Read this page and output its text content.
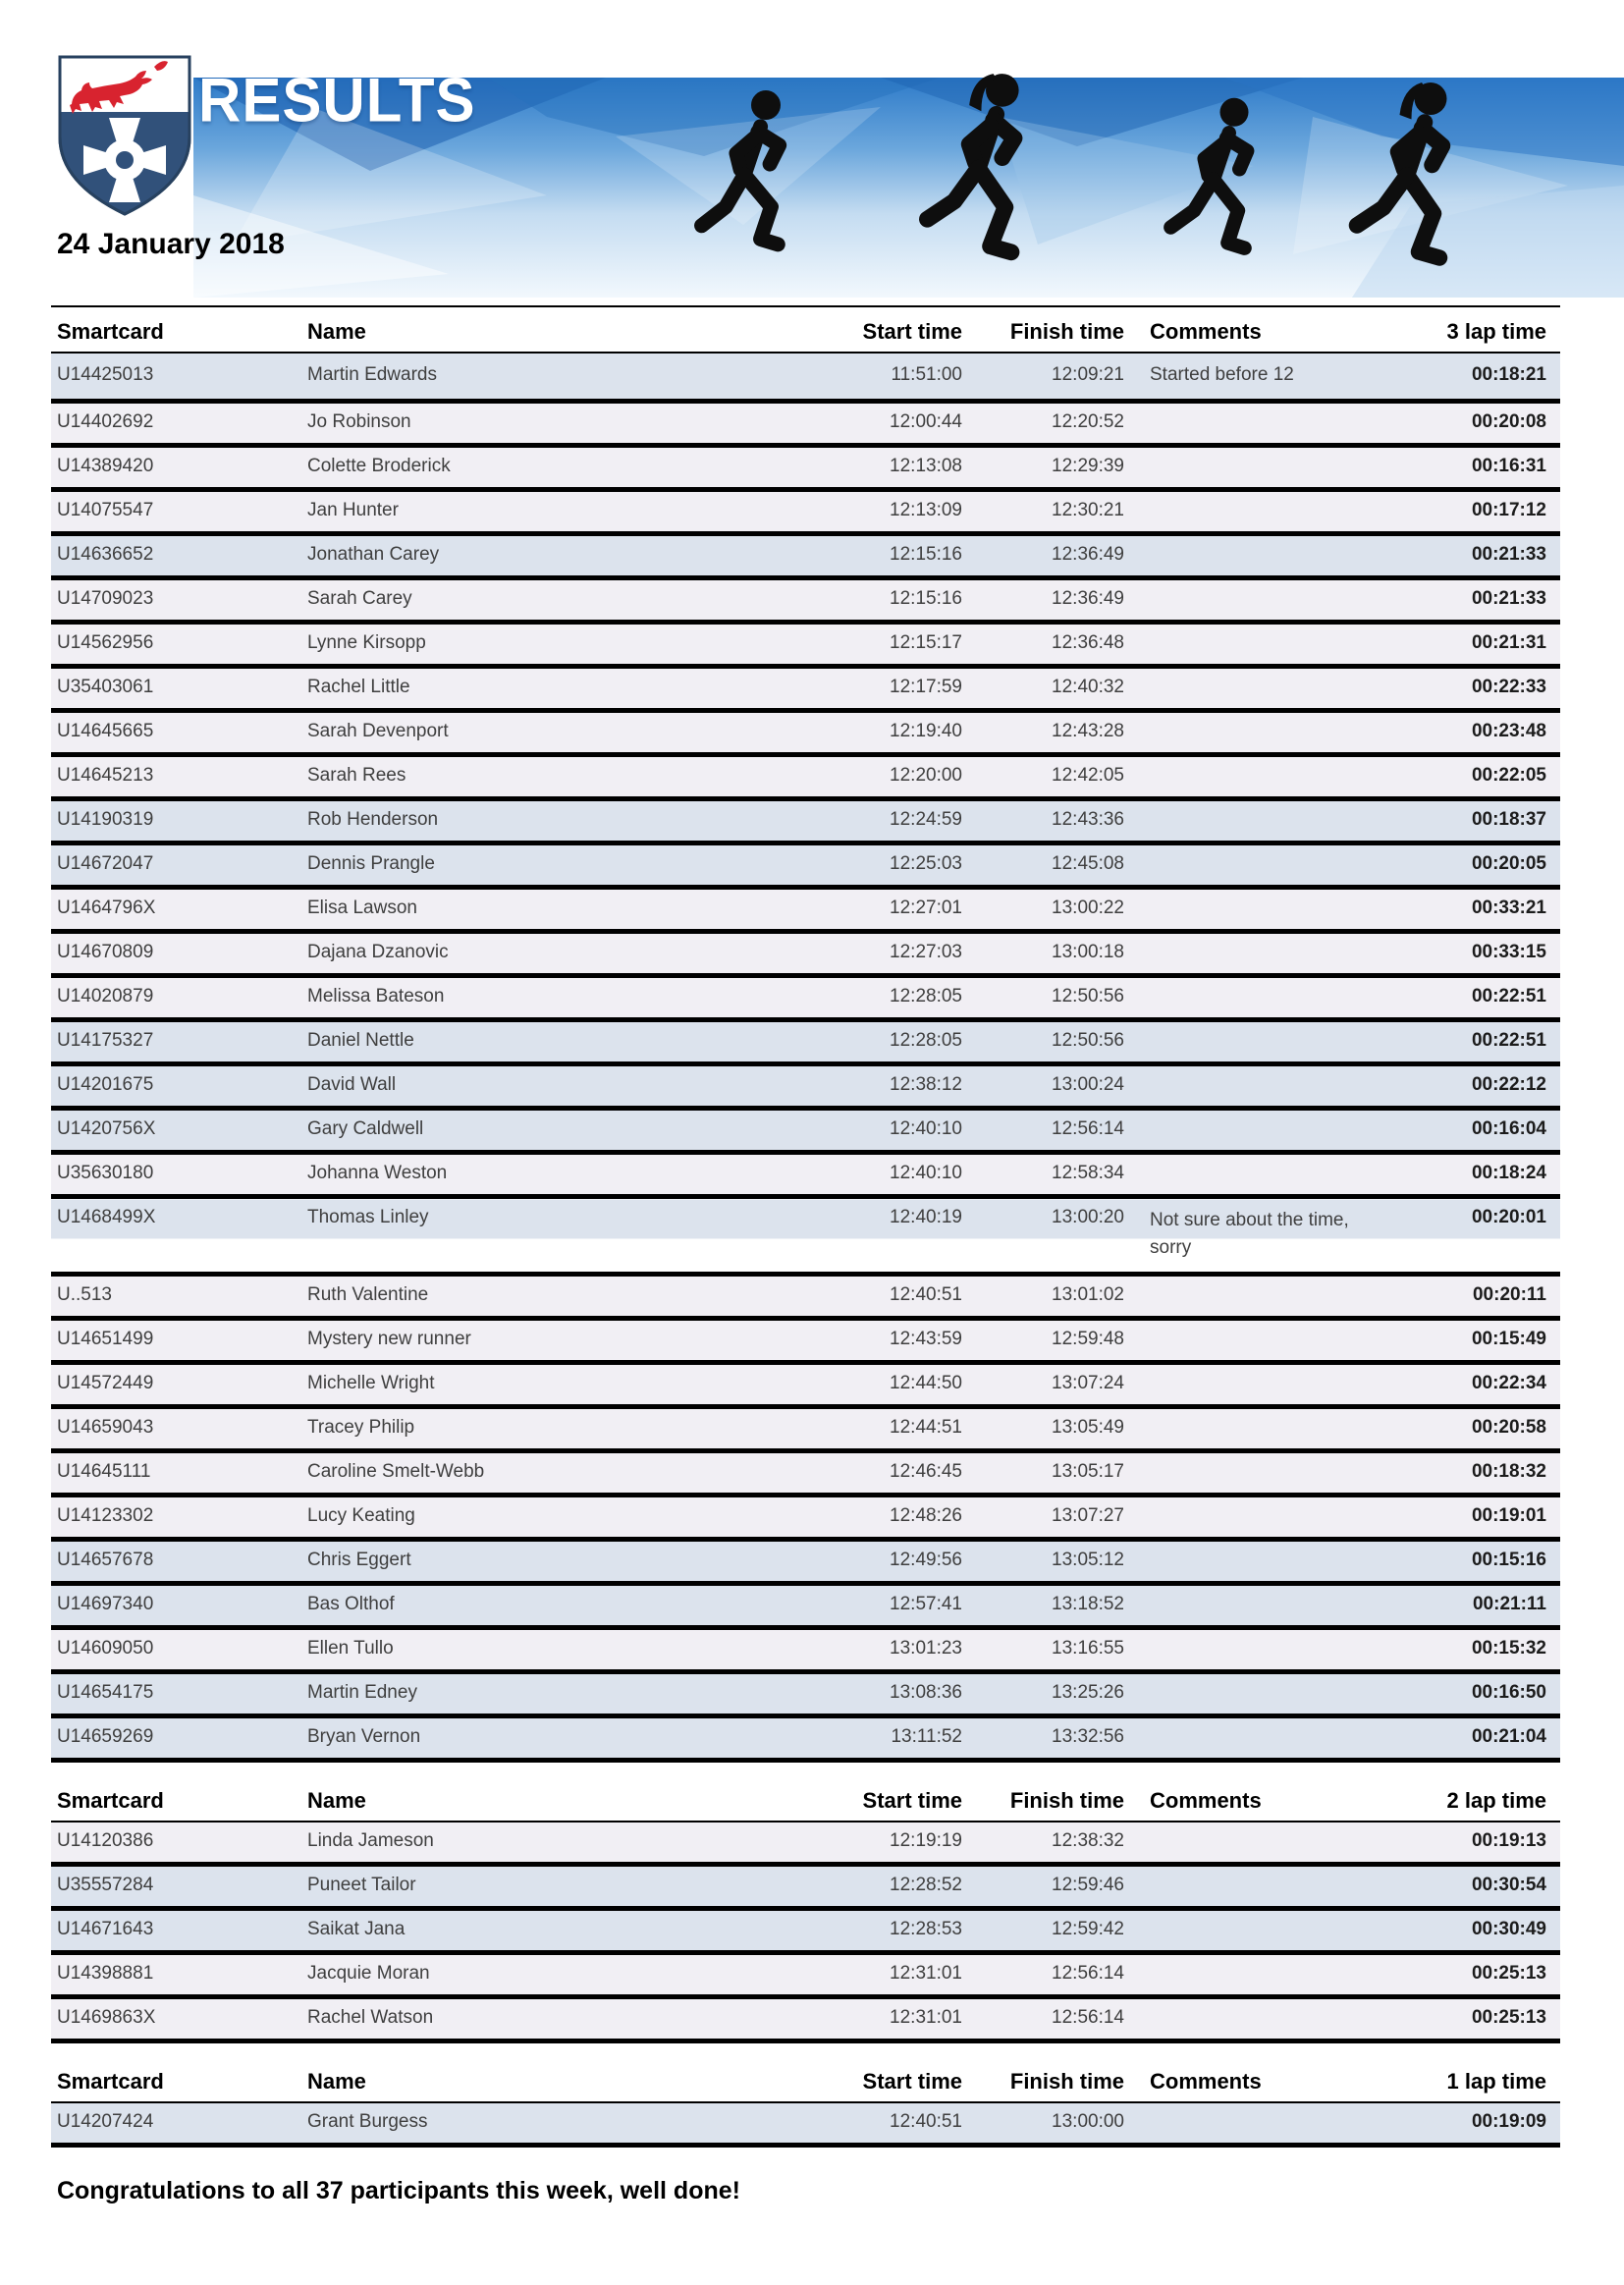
RESULTS

24 January 2018

Smartcard	Name	Start time	Finish time	Comments	3 lap time
U14425013	Martin Edwards	11:51:00	12:09:21	Started before 12	00:18:21
U14402692	Jo Robinson	12:00:44	12:20:52		00:20:08
U14389420	Colette Broderick	12:13:08	12:29:39		00:16:31
U14075547	Jan Hunter	12:13:09	12:30:21		00:17:12
U14636652	Jonathan Carey	12:15:16	12:36:49		00:21:33
U14709023	Sarah Carey	12:15:16	12:36:49		00:21:33
U14562956	Lynne Kirsopp	12:15:17	12:36:48		00:21:31
U35403061	Rachel Little	12:17:59	12:40:32		00:22:33
U14645665	Sarah Devenport	12:19:40	12:43:28		00:23:48
U14645213	Sarah Rees	12:20:00	12:42:05		00:22:05
U14190319	Rob Henderson	12:24:59	12:43:36		00:18:37
U14672047	Dennis Prangle	12:25:03	12:45:08		00:20:05
U1464796X	Elisa Lawson	12:27:01	13:00:22		00:33:21
U14670809	Dajana Dzanovic	12:27:03	13:00:18		00:33:15
U14020879	Melissa Bateson	12:28:05	12:50:56		00:22:51
U14175327	Daniel Nettle	12:28:05	12:50:56		00:22:51
U14201675	David Wall	12:38:12	13:00:24		00:22:12
U1420756X	Gary Caldwell	12:40:10	12:56:14		00:16:04
U35630180	Johanna Weston	12:40:10	12:58:34		00:18:24
U1468499X	Thomas Linley	12:40:19	13:00:20	Not sure about the time, sorry	00:20:01
U..513	Ruth Valentine	12:40:51	13:01:02		00:20:11
U14651499	Mystery new runner	12:43:59	12:59:48		00:15:49
U14572449	Michelle Wright	12:44:50	13:07:24		00:22:34
U14659043	Tracey Philip	12:44:51	13:05:49		00:20:58
U14645111	Caroline Smelt-Webb	12:46:45	13:05:17		00:18:32
U14123302	Lucy Keating	12:48:26	13:07:27		00:19:01
U14657678	Chris Eggert	12:49:56	13:05:12		00:15:16
U14697340	Bas Olthof	12:57:41	13:18:52		00:21:11
U14609050	Ellen Tullo	13:01:23	13:16:55		00:15:32
U14654175	Martin Edney	13:08:36	13:25:26		00:16:50
U14659269	Bryan Vernon	13:11:52	13:32:56		00:21:04
Smartcard	Name	Start time	Finish time	Comments	2 lap time
U14120386	Linda Jameson	12:19:19	12:38:32		00:19:13
U35557284	Puneet Tailor	12:28:52	12:59:46		00:30:54
U14671643	Saikat Jana	12:28:53	12:59:42		00:30:49
U14398881	Jacquie Moran	12:31:01	12:56:14		00:25:13
U1469863X	Rachel Watson	12:31:01	12:56:14		00:25:13
Smartcard	Name	Start time	Finish time	Comments	1 lap time
U14207424	Grant Burgess	12:40:51	13:00:00		00:19:09

Congratulations to all 37 participants this week, well done!
